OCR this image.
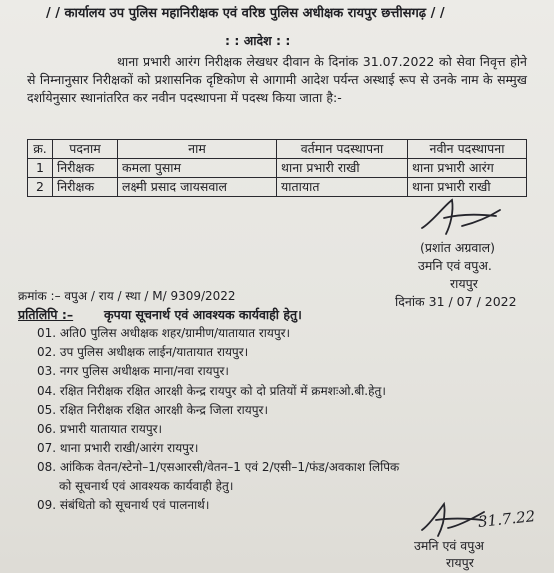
/ / कार्यालय उप पुलिस महानिरीक्षक एवं वरिष्ठ पुलिस अधीक्षक रायपुर छत्तीसगढ़ / /
: : आदेश : :
थाना प्रभारी आरंग निरीक्षक लेखधर दीवान के दिनांक 31.07.2022 को सेवा निवृत्त होने से निम्नानुसार निरीक्षकों को प्रशासनिक दृष्टिकोण से आगामी आदेश पर्यन्त अस्थाई रूप से उनके नाम के सम्मुख दर्शायेनुसार स्थानांतरित कर नवीन पदस्थापना में पदस्थ किया जाता है:-
क्र.	पदनाम	नाम	वर्तमान पदस्थापना	नवीन पदस्थापना
1	निरीक्षक	कमला पुसाम	थाना प्रभारी राखी	थाना प्रभारी आरंग
2	निरीक्षक	लक्ष्मी प्रसाद जायसवाल	यातायात	थाना प्रभारी राखी
(प्रशांत अग्रवाल)
उमनि एवं वपुअ.
रायपुर
क्रमांक :– वपुअ / राय / स्था / M/ 9309/2022	दिनांक 31 / 07 / 2022
प्रतिलिपि :– कृपया सूचनार्थ एवं आवश्यक कार्यवाही हेतु।
01. अति0 पुलिस अधीक्षक शहर/ग्रामीण/यातायात रायपुर।
02. उप पुलिस अधीक्षक लाईन/यातायात रायपुर।
03. नगर पुलिस अधीक्षक माना/नवा रायपुर।
04. रक्षित निरीक्षक रक्षित आरक्षी केन्द्र रायपुर को दो प्रतियों में क्रमशःओ.बी.हेतु।
05. रक्षित निरीक्षक रक्षित आरक्षी केन्द्र जिला रायपुर।
06. प्रभारी यातायात रायपुर।
07. थाना प्रभारी राखी/आरंग रायपुर।
08. आंकिक वेतन/स्टेनो–1/एसआरसी/वेतन–1 एवं 2/एसी–1/फंड/अवकाश लिपिक
को सूचनार्थ एवं आवश्यक कार्यवाही हेतु।
09. संबंधितो को सूचनार्थ एवं पालनार्थ।
31.7.22
उमनि एवं वपुअ
रायपुर
